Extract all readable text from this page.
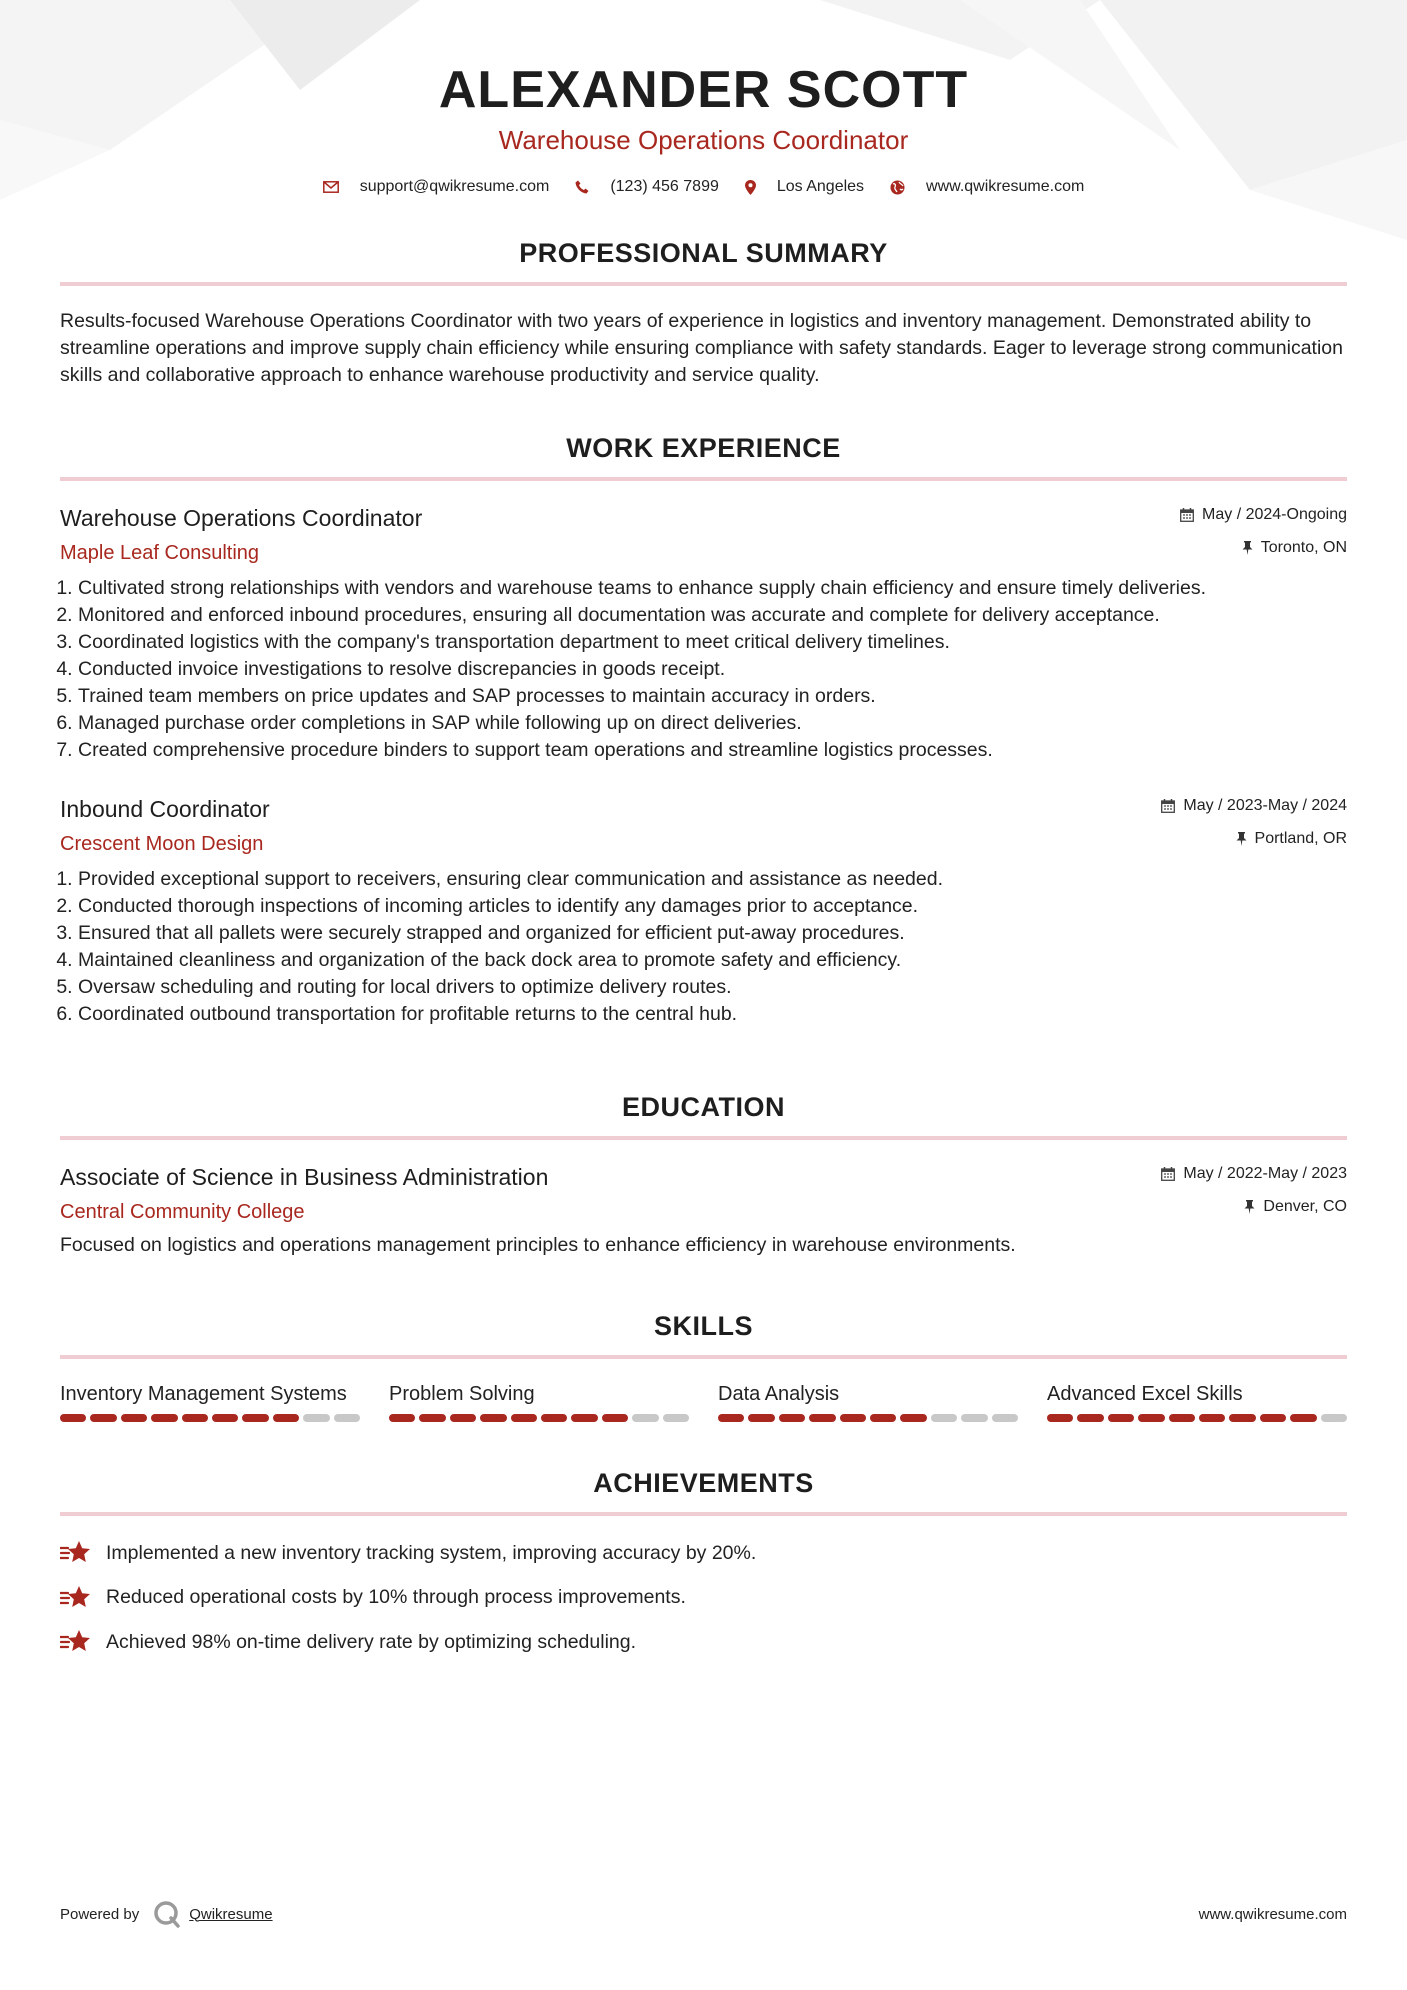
ALEXANDER SCOTT
Warehouse Operations Coordinator
support@qwikresume.com	(123) 456 7899	Los Angeles	www.qwikresume.com
PROFESSIONAL SUMMARY
Results-focused Warehouse Operations Coordinator with two years of experience in logistics and inventory management. Demonstrated ability to streamline operations and improve supply chain efficiency while ensuring compliance with safety standards. Eager to leverage strong communication skills and collaborative approach to enhance warehouse productivity and service quality.
WORK EXPERIENCE
Warehouse Operations Coordinator
Maple Leaf Consulting
May / 2024-Ongoing
Toronto, ON
1. Cultivated strong relationships with vendors and warehouse teams to enhance supply chain efficiency and ensure timely deliveries.
2. Monitored and enforced inbound procedures, ensuring all documentation was accurate and complete for delivery acceptance.
3. Coordinated logistics with the company's transportation department to meet critical delivery timelines.
4. Conducted invoice investigations to resolve discrepancies in goods receipt.
5. Trained team members on price updates and SAP processes to maintain accuracy in orders.
6. Managed purchase order completions in SAP while following up on direct deliveries.
7. Created comprehensive procedure binders to support team operations and streamline logistics processes.
Inbound Coordinator
Crescent Moon Design
May / 2023-May / 2024
Portland, OR
1. Provided exceptional support to receivers, ensuring clear communication and assistance as needed.
2. Conducted thorough inspections of incoming articles to identify any damages prior to acceptance.
3. Ensured that all pallets were securely strapped and organized for efficient put-away procedures.
4. Maintained cleanliness and organization of the back dock area to promote safety and efficiency.
5. Oversaw scheduling and routing for local drivers to optimize delivery routes.
6. Coordinated outbound transportation for profitable returns to the central hub.
EDUCATION
Associate of Science in Business Administration
Central Community College
May / 2022-May / 2023
Denver, CO
Focused on logistics and operations management principles to enhance efficiency in warehouse environments.
SKILLS
Inventory Management Systems	Problem Solving	Data Analysis	Advanced Excel Skills
ACHIEVEMENTS
Implemented a new inventory tracking system, improving accuracy by 20%.
Reduced operational costs by 10% through process improvements.
Achieved 98% on-time delivery rate by optimizing scheduling.
Powered by	Qwikresume	www.qwikresume.com
